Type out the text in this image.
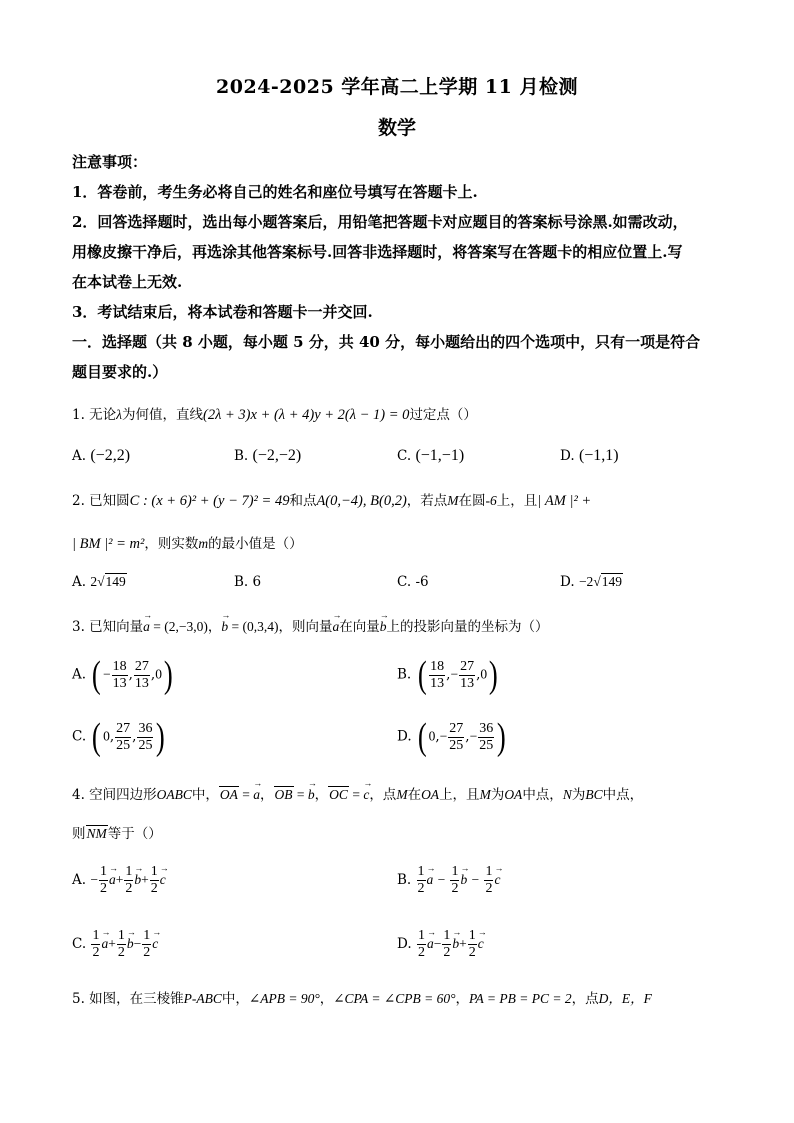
2024-2025 学年高二上学期 11 月检测
数学
注意事项：
1．答卷前，考生务必将自己的姓名和座位号填写在答题卡上.
2．回答选择题时，选出每小题答案后，用铅笔把答题卡对应题目的答案标号涂黑.如需改动，
用橡皮擦干净后，再选涂其他答案标号.回答非选择题时，将答案写在答题卡的相应位置上.写
在本试卷上无效.
3．考试结束后，将本试卷和答题卡一并交回.
一．选择题（共 8 小题，每小题 5 分，共 40 分，每小题给出的四个选项中，只有一项是符合
题目要求的.）
1. 无论λ为何值，直线(2λ + 3)x + (λ + 4)y + 2(λ − 1) = 0过定点（）
A. (−2,2)	B. (−2,−2)	C. (−1,−1)	D. (−1,1)
2. 已知圆C : (x + 6)² + (y − 7)² = 49和点A(0,−4), B(0,2)，若点M在圆-6上，且| AM |² +
| BM |² = m²，则实数m的最小值是（）
A. 2√149	B. 6	C. -6	D. −2√149
3. 已知向量→ a = (2,−3,0)，→ b = (0,3,4)，则向量→ a在向量→ b上的投影向量的坐标为（）
A. ( − $\frac{18}{13}$ , $\frac{27}{13} ,0$)	B. ( $\frac{18}{13}$ ,− $\frac{27}{13} ,0$)
C. ( 0, $\frac{27}{25}$ , $\frac{36}{25}$ )	D. ( $0,- \frac{27}{25}$ ,− $\frac{36}{25}$ )
4. 空间四边形OABC中，OA = → a，OB = → b，OC = → c，点M在OA上，且M为OA中点，N为BC中点，
则NM等于（）
A. − $\frac{1}{2}$
→ $a+ \frac{1}{2}$
→ $b+ \frac{1}{2}$
→ c	B. $\frac{1}{2}$
→ $a - \frac{1}{2}$
→ $b - \frac{1}{2}$
→ c
C. $\frac{1}{2}$
→ $a+ \frac{1}{2}$
→ $b- \frac{1}{2}$
→ c	D. $\frac{1}{2}$
→ $a- \frac{1}{2}$
→ $b+ \frac{1}{2}$
→ c
5. 如图，在三棱锥P-ABC中，∠APB = 90°，∠CPA = ∠CPB = 60°，PA = PB = PC = 2，点D，E，F
